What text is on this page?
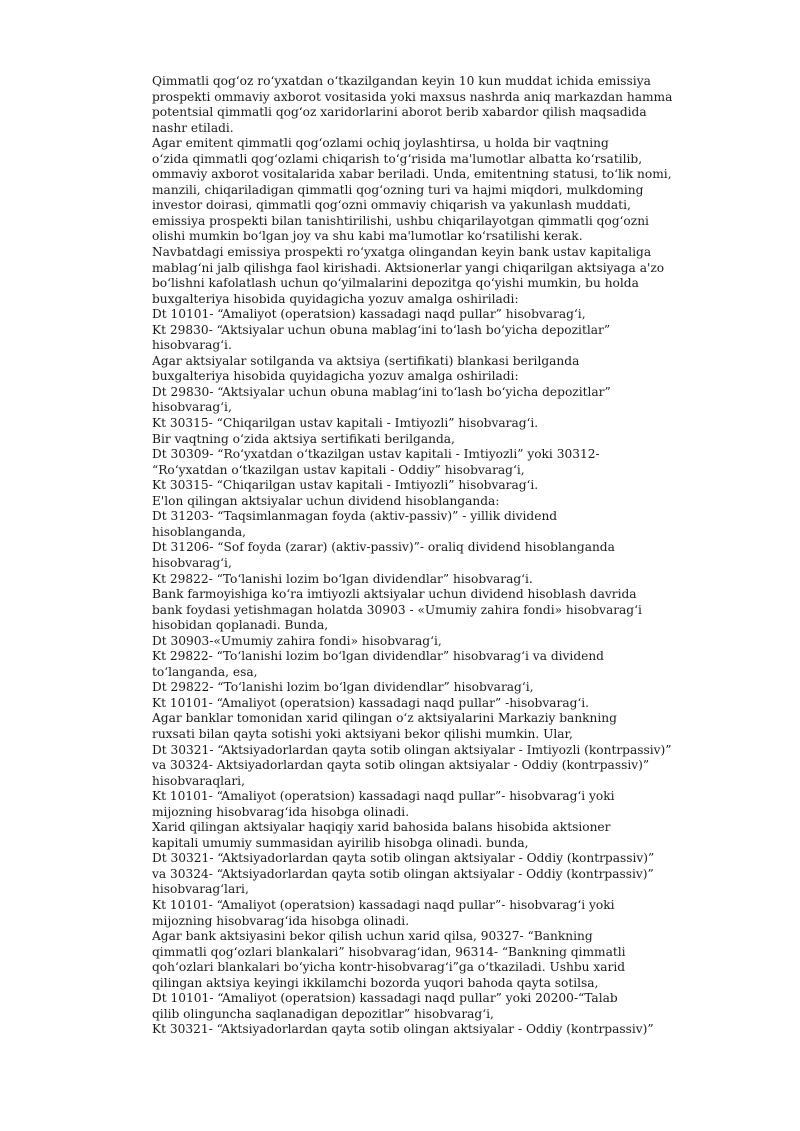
Qimmatli qog‘oz ro‘yxatdan o‘tkazilgandan keyin 10 kun muddat ichida emissiya
prospekti ommaviy axborot vositasida yoki maxsus nashrda aniq markazdan hamma
potentsial qimmatli qog‘oz xaridorlarini aborot berib xabardor qilish maqsadida
nashr etiladi.
Agar emitent qimmatli qog‘ozlami ochiq joylashtirsa, u holda bir vaqtning
o‘zida qimmatli qog‘ozlami chiqarish to‘g‘risida ma'lumotlar albatta ko‘rsatilib,
ommaviy axborot vositalarida xabar beriladi. Unda, emitentning statusi, to‘lik nomi,
manzili, chiqariladigan qimmatli qog‘ozning turi va hajmi miqdori, mulkdoming
investor doirasi, qimmatli qog‘ozni ommaviy chiqarish va yakunlash muddati,
emissiya prospekti bilan tanishtirilishi, ushbu chiqarilayotgan qimmatli qog‘ozni
olishi mumkin bo‘lgan joy va shu kabi ma'lumotlar ko‘rsatilishi kerak.
Navbatdagi emissiya prospekti ro‘yxatga olingandan keyin bank ustav kapitaliga
mablag‘ni jalb qilishga faol kirishadi. Aktsionerlar yangi chiqarilgan aktsiyaga a'zo
bo‘lishni kafolatlash uchun qo‘yilmalarini depozitga qo‘yishi mumkin, bu holda
buxgalteriya hisobida quyidagicha yozuv amalga oshiriladi:
Dt 10101- “Amaliyot (operatsion) kassadagi naqd pullar” hisobvarag‘i,
Kt 29830- “Aktsiyalar uchun obuna mablag‘ini to‘lash bo‘yicha depozitlar”
hisobvarag‘i.
Agar aktsiyalar sotilganda va aktsiya (sertifikati) blankasi berilganda
buxgalteriya hisobida quyidagicha yozuv amalga oshiriladi:
Dt 29830- “Aktsiyalar uchun obuna mablag‘ini to‘lash bo‘yicha depozitlar”
hisobvarag‘i,
Kt 30315- “Chiqarilgan ustav kapitali - Imtiyozli” hisobvarag‘i.
Bir vaqtning o‘zida aktsiya sertifikati berilganda,
Dt 30309- “Ro‘yxatdan o‘tkazilgan ustav kapitali - Imtiyozli” yoki 30312-
“Ro‘yxatdan o‘tkazilgan ustav kapitali - Oddiy” hisobvarag‘i,
Kt 30315- “Chiqarilgan ustav kapitali - Imtiyozli” hisobvarag‘i.
E'lon qilingan aktsiyalar uchun dividend hisoblanganda:
Dt 31203- “Taqsimlanmagan foyda (aktiv-passiv)” - yillik dividend
hisoblanganda,
Dt 31206- “Sof foyda (zarar) (aktiv-passiv)”- oraliq dividend hisoblanganda
hisobvarag‘i,
Kt 29822- “To‘lanishi lozim bo‘lgan dividendlar” hisobvarag‘i.
Bank farmoyishiga ko‘ra imtiyozli aktsiyalar uchun dividend hisoblash davrida
bank foydasi yetishmagan holatda 30903 - «Umumiy zahira fondi» hisobvarag‘i
hisobidan qoplanadi. Bunda,
Dt 30903-«Umumiy zahira fondi» hisobvarag‘i,
Kt 29822- “To‘lanishi lozim bo‘lgan dividendlar” hisobvarag‘i va dividend
to‘langanda, esa,
Dt 29822- “To‘lanishi lozim bo‘lgan dividendlar” hisobvarag‘i,
Kt 10101- “Amaliyot (operatsion) kassadagi naqd pullar” -hisobvarag‘i.
Agar banklar tomonidan xarid qilingan o‘z aktsiyalarini Markaziy bankning
ruxsati bilan qayta sotishi yoki aktsiyani bekor qilishi mumkin. Ular,
Dt 30321- “Aktsiyadorlardan qayta sotib olingan aktsiyalar - Imtiyozli (kontrpassiv)”
va 30324- Aktsiyadorlardan qayta sotib olingan aktsiyalar - Oddiy (kontrpassiv)”
hisobvaraqlari,
Kt 10101- “Amaliyot (operatsion) kassadagi naqd pullar”- hisobvarag‘i yoki
mijozning hisobvarag‘ida hisobga olinadi.
Xarid qilingan aktsiyalar haqiqiy xarid bahosida balans hisobida aktsioner
kapitali umumiy summasidan ayirilib hisobga olinadi. bunda,
Dt 30321- “Aktsiyadorlardan qayta sotib olingan aktsiyalar - Oddiy (kontrpassiv)”
va 30324- “Aktsiyadorlardan qayta sotib olingan aktsiyalar - Oddiy (kontrpassiv)”
hisobvarag‘lari,
Kt 10101- “Amaliyot (operatsion) kassadagi naqd pullar”- hisobvarag‘i yoki
mijozning hisobvarag‘ida hisobga olinadi.
Agar bank aktsiyasini bekor qilish uchun xarid qilsa, 90327- “Bankning
qimmatli qog‘ozlari blankalari” hisobvarag‘idan, 96314- “Bankning qimmatli
qoh‘ozlari blankalari bo‘yicha kontr-hisobvarag‘i”ga o‘tkaziladi. Ushbu xarid
qilingan aktsiya keyingi ikkilamchi bozorda yuqori bahoda qayta sotilsa,
Dt 10101- “Amaliyot (operatsion) kassadagi naqd pullar” yoki 20200-“Talab
qilib olinguncha saqlanadigan depozitlar” hisobvarag‘i,
Kt 30321- “Aktsiyadorlardan qayta sotib olingan aktsiyalar - Oddiy (kontrpassiv)”
